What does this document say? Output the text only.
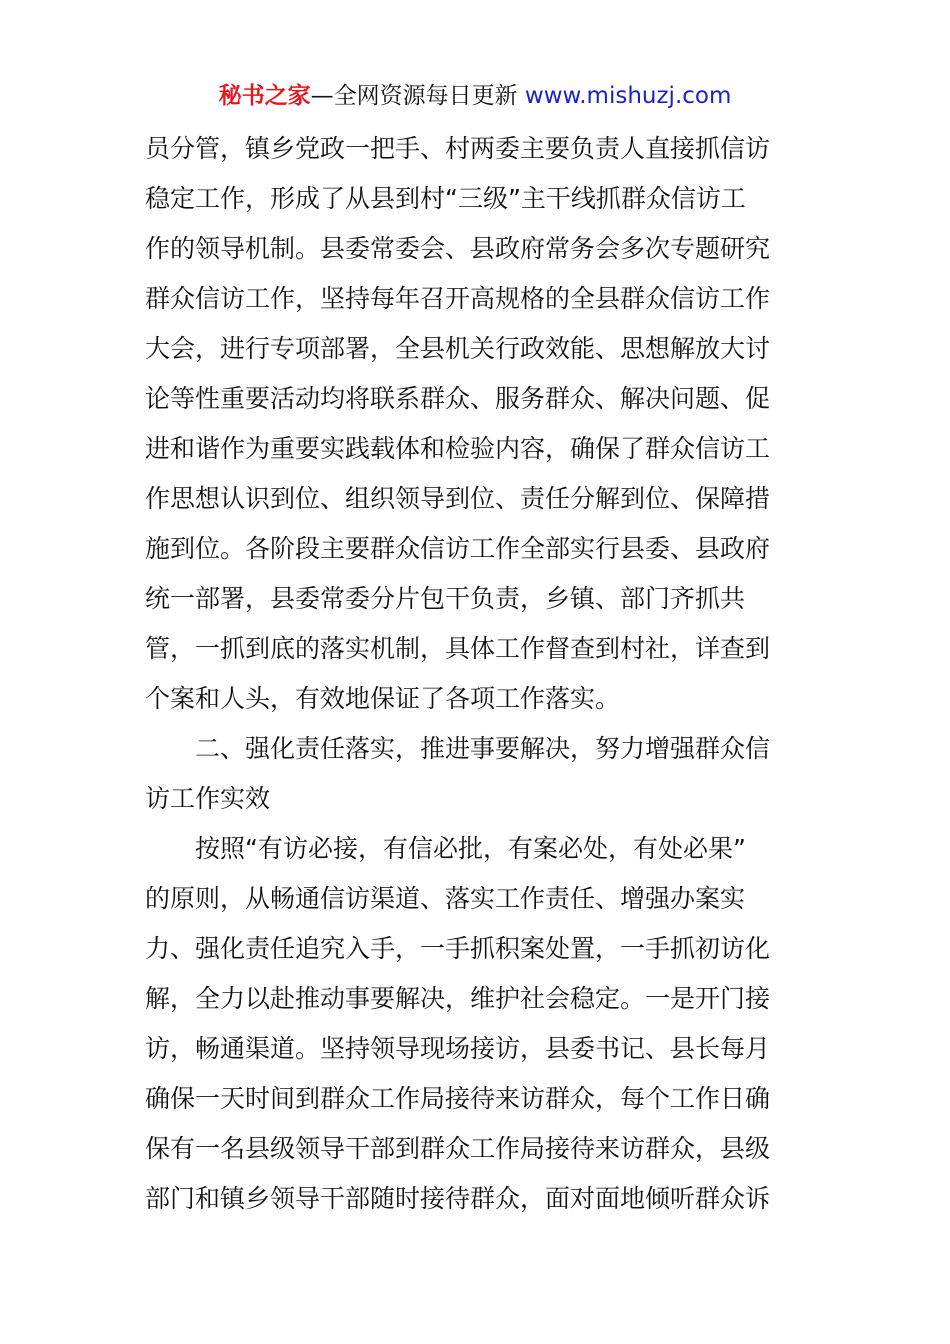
秘书之家—全网资源每日更新 www.mishuzj.com
员分管，镇乡党政一把手、村两委主要负责人直接抓信访
稳定工作，形成了从县到村“三级”主干线抓群众信访工
作的领导机制。县委常委会、县政府常务会多次专题研究
群众信访工作，坚持每年召开高规格的全县群众信访工作
大会，进行专项部署，全县机关行政效能、思想解放大讨
论等性重要活动均将联系群众、服务群众、解决问题、促
进和谐作为重要实践载体和检验内容，确保了群众信访工
作思想认识到位、组织领导到位、责任分解到位、保障措
施到位。各阶段主要群众信访工作全部实行县委、县政府
统一部署，县委常委分片包干负责，乡镇、部门齐抓共
管，一抓到底的落实机制，具体工作督查到村社，详查到
个案和人头，有效地保证了各项工作落实。
二、强化责任落实，推进事要解决，努力增强群众信
访工作实效
按照“有访必接，有信必批，有案必处，有处必果”
的原则，从畅通信访渠道、落实工作责任、增强办案实
力、强化责任追究入手，一手抓积案处置，一手抓初访化
解，全力以赴推动事要解决，维护社会稳定。一是开门接
访，畅通渠道。坚持领导现场接访，县委书记、县长每月
确保一天时间到群众工作局接待来访群众，每个工作日确
保有一名县级领导干部到群众工作局接待来访群众，县级
部门和镇乡领导干部随时接待群众，面对面地倾听群众诉
